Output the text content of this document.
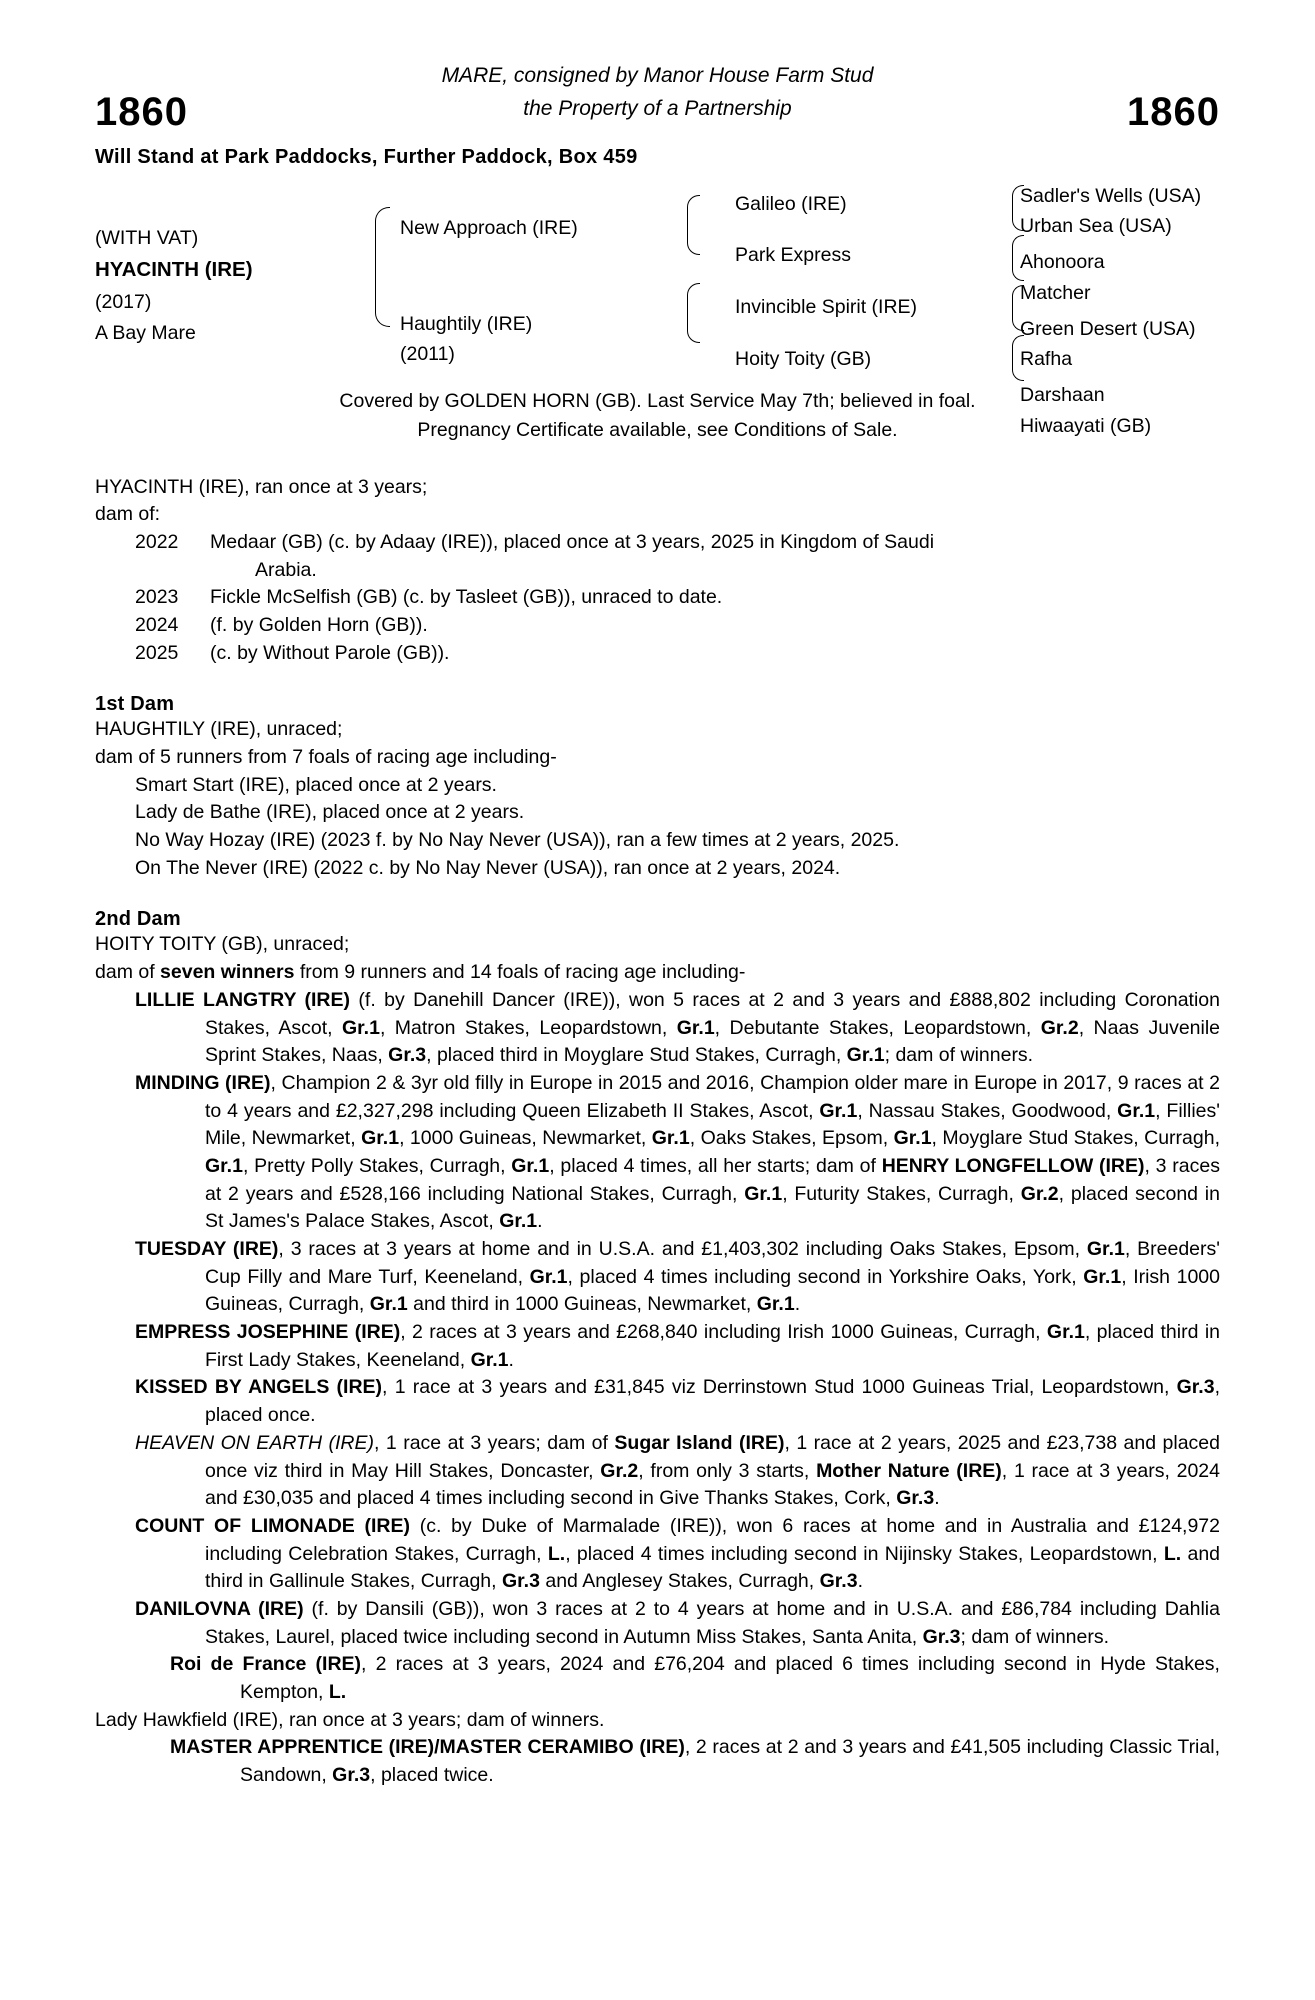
1860	1860
MARE, consigned by Manor House Farm Stud
the Property of a Partnership
Will Stand at Park Paddocks, Further Paddock, Box 459
(WITH VAT)
HYACINTH (IRE)
(2017)
A Bay Mare
New Approach (IRE)
Haughtily (IRE)
(2011)
Galileo (IRE)
Park Express
Invincible Spirit (IRE)
Hoity Toity (GB)
Sadler's Wells (USA)
Urban Sea (USA)
Ahonoora
Matcher
Green Desert (USA)
Rafha
Darshaan
Hiwaayati (GB)
Covered by GOLDEN HORN (GB). Last Service May 7th; believed in foal.
Pregnancy Certificate available, see Conditions of Sale.
HYACINTH (IRE), ran once at 3 years;
dam of:
2022	Medaar (GB) (c. by Adaay (IRE)), placed once at 3 years, 2025 in Kingdom of Saudi
Arabia.
2023	Fickle McSelfish (GB) (c. by Tasleet (GB)), unraced to date.
2024	(f. by Golden Horn (GB)).
2025	(c. by Without Parole (GB)).
1st Dam
HAUGHTILY (IRE), unraced;
dam of 5 runners from 7 foals of racing age including-
Smart Start (IRE), placed once at 2 years.
Lady de Bathe (IRE), placed once at 2 years.
No Way Hozay (IRE) (2023 f. by No Nay Never (USA)), ran a few times at 2 years, 2025.
On The Never (IRE) (2022 c. by No Nay Never (USA)), ran once at 2 years, 2024.
2nd Dam
HOITY TOITY (GB), unraced;
dam of seven winners from 9 runners and 14 foals of racing age including-
LILLIE LANGTRY (IRE) (f. by Danehill Dancer (IRE)), won 5 races at 2 and 3 years and £888,802 including Coronation Stakes, Ascot, Gr.1, Matron Stakes, Leopardstown, Gr.1, Debutante Stakes, Leopardstown, Gr.2, Naas Juvenile Sprint Stakes, Naas, Gr.3, placed third in Moyglare Stud Stakes, Curragh, Gr.1; dam of winners.
MINDING (IRE), Champion 2 & 3yr old filly in Europe in 2015 and 2016, Champion older mare in Europe in 2017, 9 races at 2 to 4 years and £2,327,298 including Queen Elizabeth II Stakes, Ascot, Gr.1, Nassau Stakes, Goodwood, Gr.1, Fillies' Mile, Newmarket, Gr.1, 1000 Guineas, Newmarket, Gr.1, Oaks Stakes, Epsom, Gr.1, Moyglare Stud Stakes, Curragh, Gr.1, Pretty Polly Stakes, Curragh, Gr.1, placed 4 times, all her starts; dam of HENRY LONGFELLOW (IRE), 3 races at 2 years and £528,166 including National Stakes, Curragh, Gr.1, Futurity Stakes, Curragh, Gr.2, placed second in St James's Palace Stakes, Ascot, Gr.1.
TUESDAY (IRE), 3 races at 3 years at home and in U.S.A. and £1,403,302 including Oaks Stakes, Epsom, Gr.1, Breeders' Cup Filly and Mare Turf, Keeneland, Gr.1, placed 4 times including second in Yorkshire Oaks, York, Gr.1, Irish 1000 Guineas, Curragh, Gr.1 and third in 1000 Guineas, Newmarket, Gr.1.
EMPRESS JOSEPHINE (IRE), 2 races at 3 years and £268,840 including Irish 1000 Guineas, Curragh, Gr.1, placed third in First Lady Stakes, Keeneland, Gr.1.
KISSED BY ANGELS (IRE), 1 race at 3 years and £31,845 viz Derrinstown Stud 1000 Guineas Trial, Leopardstown, Gr.3, placed once.
HEAVEN ON EARTH (IRE), 1 race at 3 years; dam of Sugar Island (IRE), 1 race at 2 years, 2025 and £23,738 and placed once viz third in May Hill Stakes, Doncaster, Gr.2, from only 3 starts, Mother Nature (IRE), 1 race at 3 years, 2024 and £30,035 and placed 4 times including second in Give Thanks Stakes, Cork, Gr.3.
COUNT OF LIMONADE (IRE) (c. by Duke of Marmalade (IRE)), won 6 races at home and in Australia and £124,972 including Celebration Stakes, Curragh, L., placed 4 times including second in Nijinsky Stakes, Leopardstown, L. and third in Gallinule Stakes, Curragh, Gr.3 and Anglesey Stakes, Curragh, Gr.3.
DANILOVNA (IRE) (f. by Dansili (GB)), won 3 races at 2 to 4 years at home and in U.S.A. and £86,784 including Dahlia Stakes, Laurel, placed twice including second in Autumn Miss Stakes, Santa Anita, Gr.3; dam of winners.
Roi de France (IRE), 2 races at 3 years, 2024 and £76,204 and placed 6 times including second in Hyde Stakes, Kempton, L.
Lady Hawkfield (IRE), ran once at 3 years; dam of winners.
MASTER APPRENTICE (IRE)/MASTER CERAMIBO (IRE), 2 races at 2 and 3 years and £41,505 including Classic Trial, Sandown, Gr.3, placed twice.
